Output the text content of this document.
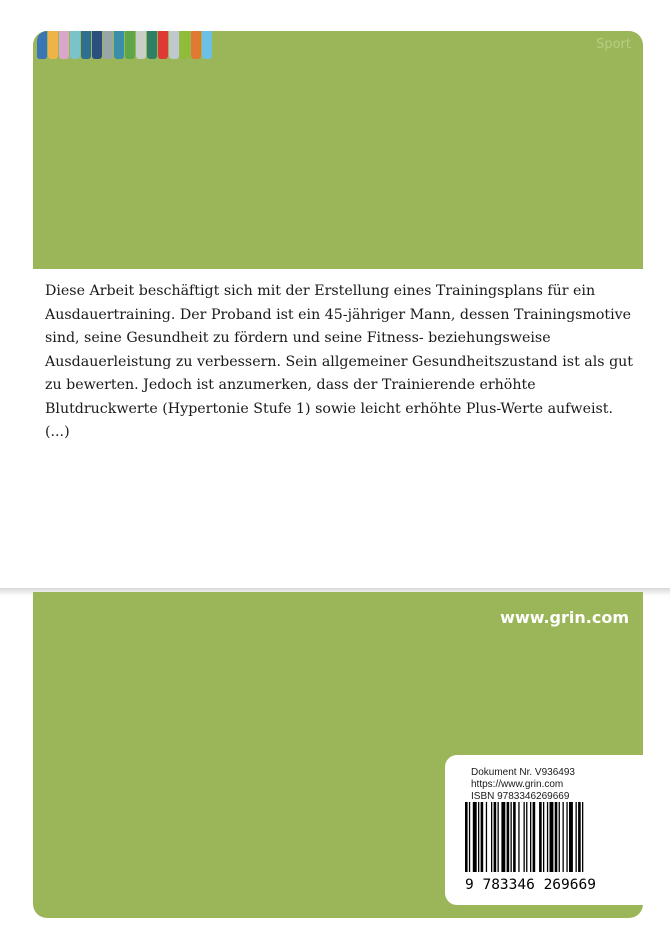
Sport

Diese Arbeit beschäftigt sich mit der Erstellung eines Trainingsplans für ein Ausdauertraining. Der Proband ist ein 45-jähriger Mann, dessen Trainingsmotive sind, seine Gesundheit zu fördern und seine Fitness- beziehungsweise Ausdauerleistung zu verbessern. Sein allgemeiner Gesundheitszustand ist als gut zu bewerten. Jedoch ist anzumerken, dass der Trainierende erhöhte Blutdruckwerte (Hypertonie Stufe 1) sowie leicht erhöhte Plus-Werte aufweist. (...)

www.grin.com
Dokument Nr. V936493
https://www.grin.com
ISBN 9783346269669
9 783346 269669
